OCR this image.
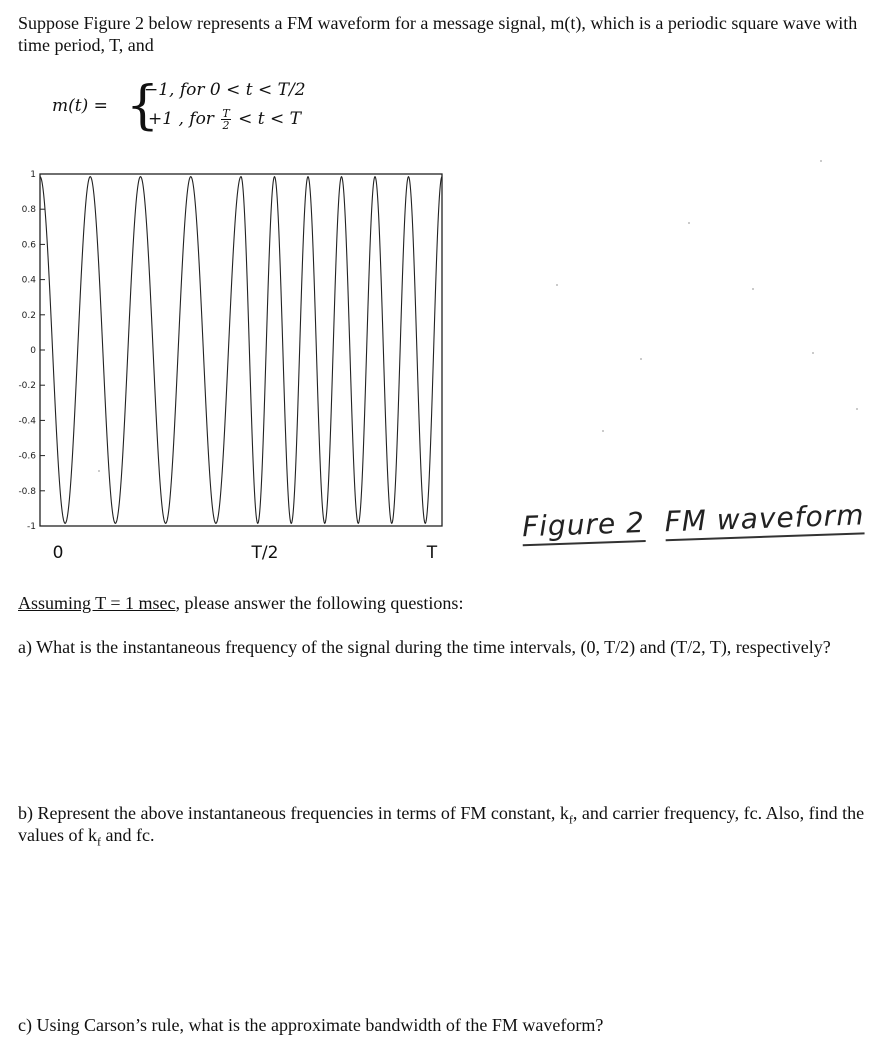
Suppose Figure 2 below represents a FM waveform for a message signal, m(t), which is a periodic square wave with time period, T, and

m(t) = {
−1, for 0 < t < T/2
+1 , for $\frac{T}{2} < t < T$
1
0.8
0.6
0.4
0.2
0
-0.2
-0.4
-0.6
-0.8
-1
0	T/2	T
Figure 2 FM waveform

Assuming T = 1 msec, please answer the following questions:

a) What is the instantaneous frequency of the signal during the time intervals, (0, T/2) and (T/2, T), respectively?

b) Represent the above instantaneous frequencies in terms of FM constant, $k_f$, and carrier frequency, fc. Also, find the values of $k_f$ and fc.

c) Using Carson’s rule, what is the approximate bandwidth of the FM waveform?
